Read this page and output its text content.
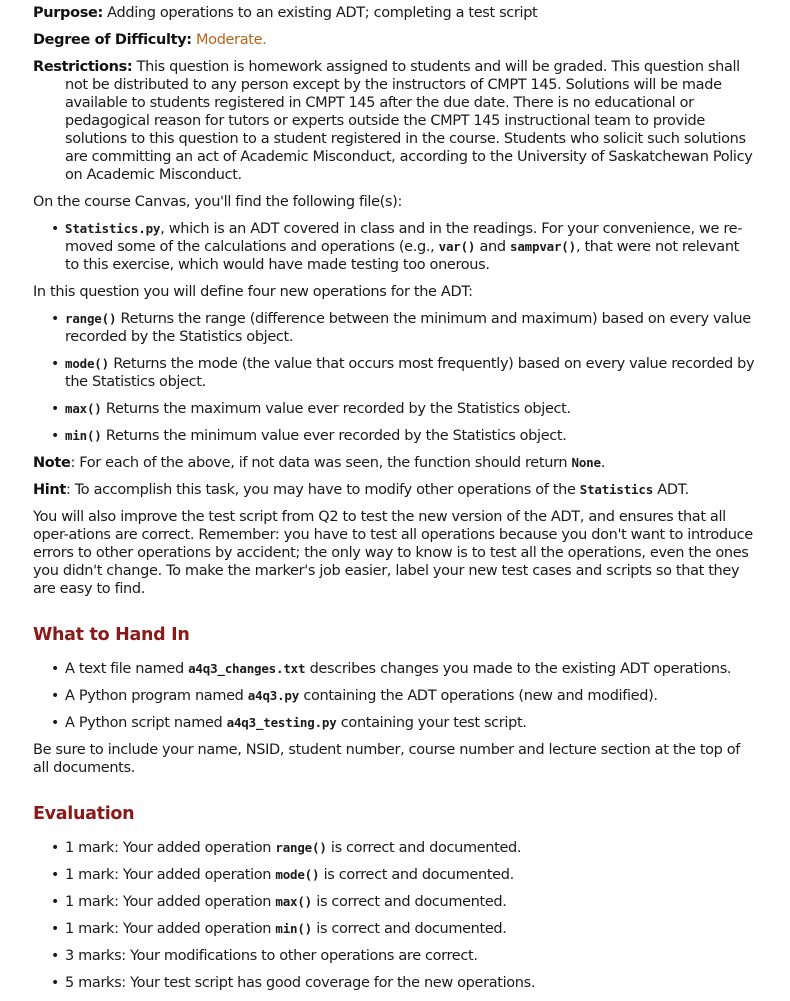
Purpose: Adding operations to an existing ADT; completing a test script

Degree of Difficulty: Moderate.

Restrictions: This question is homework assigned to students and will be graded. This question shall not be distributed to any person except by the instructors of CMPT 145. Solutions will be made available to students registered in CMPT 145 after the due date. There is no educational or pedagogical reason for tutors or experts outside the CMPT 145 instructional team to provide solutions to this question to a student registered in the course. Students who solicit such solutions are committing an act of Academic Misconduct, according to the University of Saskatchewan Policy on Academic Misconduct.

On the course Canvas, you'll find the following file(s):

• Statistics.py, which is an ADT covered in class and in the readings. For your convenience, we re-moved some of the calculations and operations (e.g., var() and sampvar(), that were not relevant to this exercise, which would have made testing too onerous.

In this question you will define four new operations for the ADT:

• range() Returns the range (difference between the minimum and maximum) based on every value recorded by the Statistics object.
• mode() Returns the mode (the value that occurs most frequently) based on every value recorded by the Statistics object.
• max() Returns the maximum value ever recorded by the Statistics object.
• min() Returns the minimum value ever recorded by the Statistics object.

Note: For each of the above, if not data was seen, the function should return None.

Hint: To accomplish this task, you may have to modify other operations of the Statistics ADT.

You will also improve the test script from Q2 to test the new version of the ADT, and ensures that all oper-ations are correct. Remember: you have to test all operations because you don't want to introduce errors to other operations by accident; the only way to know is to test all the operations, even the ones you didn't change. To make the marker's job easier, label your new test cases and scripts so that they are easy to find.

What to Hand In
• A text file named a4q3_changes.txt describes changes you made to the existing ADT operations.
• A Python program named a4q3.py containing the ADT operations (new and modified).
• A Python script named a4q3_testing.py containing your test script.

Be sure to include your name, NSID, student number, course number and lecture section at the top of all documents.

Evaluation
• 1 mark: Your added operation range() is correct and documented.
• 1 mark: Your added operation mode() is correct and documented.
• 1 mark: Your added operation max() is correct and documented.
• 1 mark: Your added operation min() is correct and documented.
• 3 marks: Your modifications to other operations are correct.
• 5 marks: Your test script has good coverage for the new operations.
